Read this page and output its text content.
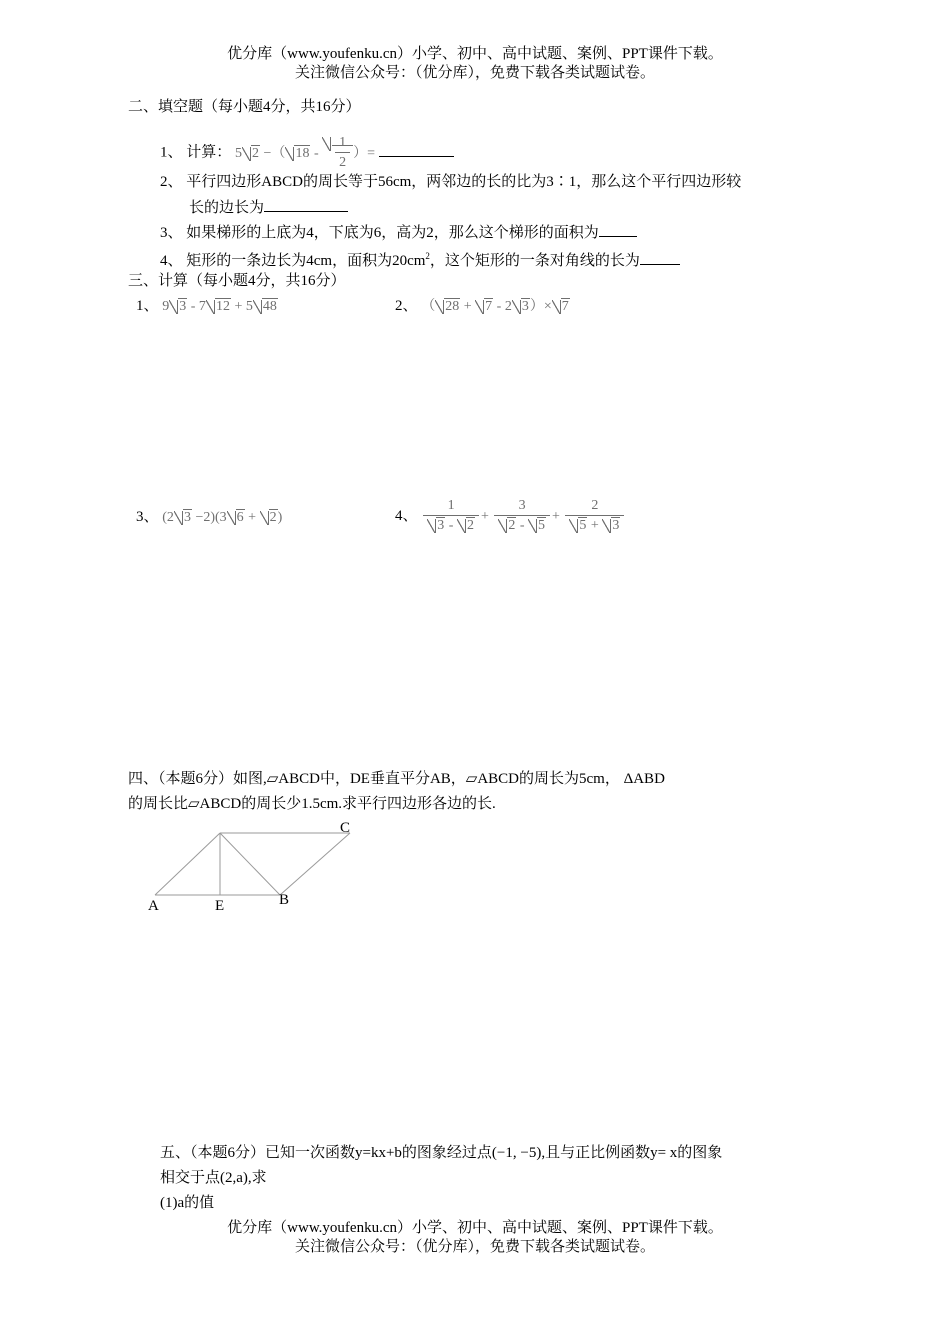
优分库（www.youfenku.cn）小学、初中、高中试题、案例、PPT课件下载。
关注微信公众号：（优分库），免费下载各类试题试卷。
二、填空题（每小题4分，共16分）
1、 计算： 5 2 −（ $18 - \frac{1}{2}$ ）=
2、 平行四边形ABCD的周长等于56cm，两邻边的长的比为3∶1，那么这个平行四边形较
长的边长为
3、 如果梯形的上底为4，下底为6，高为2，那么这个梯形的面积为
4、 矩形的一条边长为4cm，面积为$20cm^2$，这个矩形的一条对角线的长为
三、计算（每小题4分，共16分）
1、 9 3 - 7 12 + 5 48	2、 （ 28 + 7 - 2 3）× 7
3、 (2 3 −2)(3 6 + 2)	4、 $\frac{1}{3 - 2} + \frac{3}{2 - 5} + \frac{2}{5 + 3}$
四、（本题6分）如图,▱ABCD中，DE垂直平分AB，▱ABCD的周长为5cm， ΔABD
的周长比▱ABCD的周长少1.5cm.求平行四边形各边的长.
A	E	B
C
五、（本题6分）已知一次函数y=kx+b的图象经过点(−1, −5),且与正比例函数y= x的图象
相交于点(2,a),求
(1)a的值
优分库（www.youfenku.cn）小学、初中、高中试题、案例、PPT课件下载。
关注微信公众号：（优分库），免费下载各类试题试卷。
